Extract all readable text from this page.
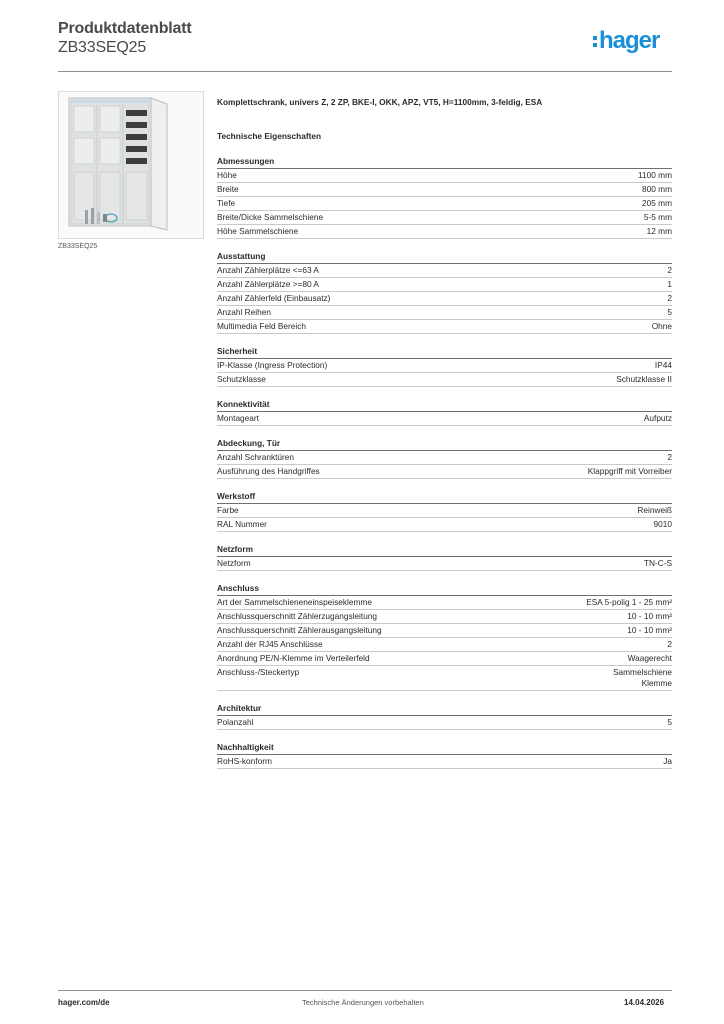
Produktdatenblatt
ZB33SEQ25	hager
ZB33SEQ25
Komplettschrank, univers Z, 2 ZP, BKE-I, OKK, APZ, VT5, H=1100mm, 3-feldig, ESA
Technische Eigenschaften
Abmessungen
Höhe	1100 mm
Breite	800 mm
Tiefe	205 mm
Breite/Dicke Sammelschiene	5-5 mm
Höhe Sammelschiene	12 mm
Ausstattung
Anzahl Zählerplätze <=63 A	2
Anzahl Zählerplätze >=80 A	1
Anzahl Zählerfeld (Einbausatz)	2
Anzahl Reihen	5
Multimedia Feld Bereich	Ohne
Sicherheit
IP-Klasse (Ingress Protection)	IP44
Schutzklasse	Schutzklasse II
Konnektivität
Montageart	Aufputz
Abdeckung, Tür
Anzahl Schranktüren	2
Ausführung des Handgriffes	Klappgriff mit Vorreiber
Werkstoff
Farbe	Reinweiß
RAL Nummer	9010
Netzform
Netzform	TN-C-S
Anschluss
Art der Sammelschieneneinspeiseklemme	ESA 5-polig 1 - 25 mm²
Anschlussquerschnitt Zählerzugangsleitung	10 - 10 mm²
Anschlussquerschnitt Zählerausgangsleitung	10 - 10 mm²
Anzahl der RJ45 Anschlüsse	2
Anordnung PE/N-Klemme im Verteilerfeld	Waagerecht
Anschluss-/Steckertyp	Sammelschiene
Klemme
Architektur
Polanzahl	5
Nachhaltigkeit
RoHS-konform	Ja
hager.com/de	Technische Änderungen vorbehalten	14.04.2026
